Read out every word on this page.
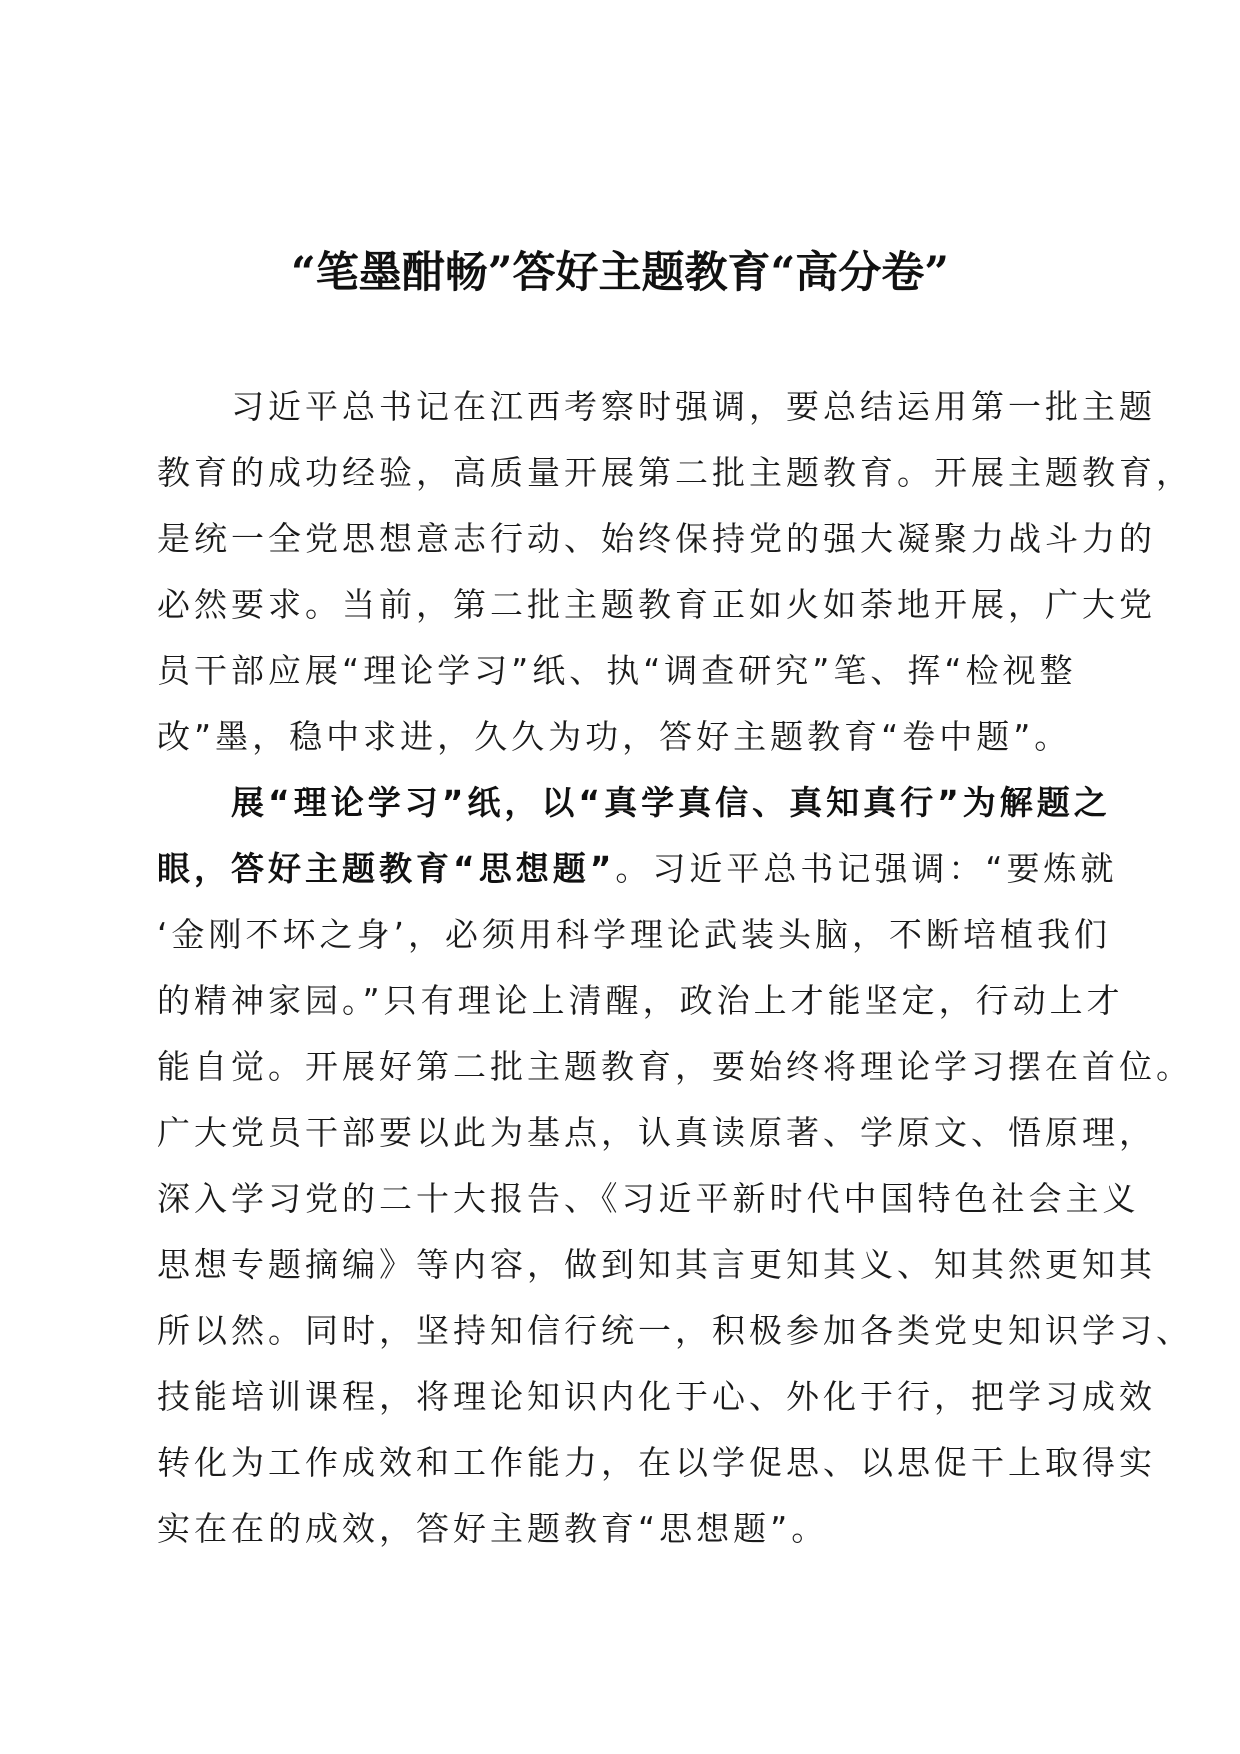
“笔墨酣畅”答好主题教育“高分卷”
习近平总书记在江西考察时强调，要总结运用第一批主题
教育的成功经验，高质量开展第二批主题教育。开展主题教育，
是统一全党思想意志行动、始终保持党的强大凝聚力战斗力的
必然要求。当前，第二批主题教育正如火如荼地开展，广大党
员干部应展“理论学习”纸、执“调查研究”笔、挥“检视整
改”墨，稳中求进，久久为功，答好主题教育“卷中题”。
展“理论学习”纸，以“真学真信、真知真行”为解题之
眼，答好主题教育“思想题”。习近平总书记强调：“要炼就
‘金刚不坏之身’，必须用科学理论武装头脑，不断培植我们
的精神家园。”只有理论上清醒，政治上才能坚定，行动上才
能自觉。开展好第二批主题教育，要始终将理论学习摆在首位。
广大党员干部要以此为基点，认真读原著、学原文、悟原理，
深入学习党的二十大报告、《习近平新时代中国特色社会主义
思想专题摘编》等内容，做到知其言更知其义、知其然更知其
所以然。同时，坚持知信行统一，积极参加各类党史知识学习、
技能培训课程，将理论知识内化于心、外化于行，把学习成效
转化为工作成效和工作能力，在以学促思、以思促干上取得实
实在在的成效，答好主题教育“思想题”。
